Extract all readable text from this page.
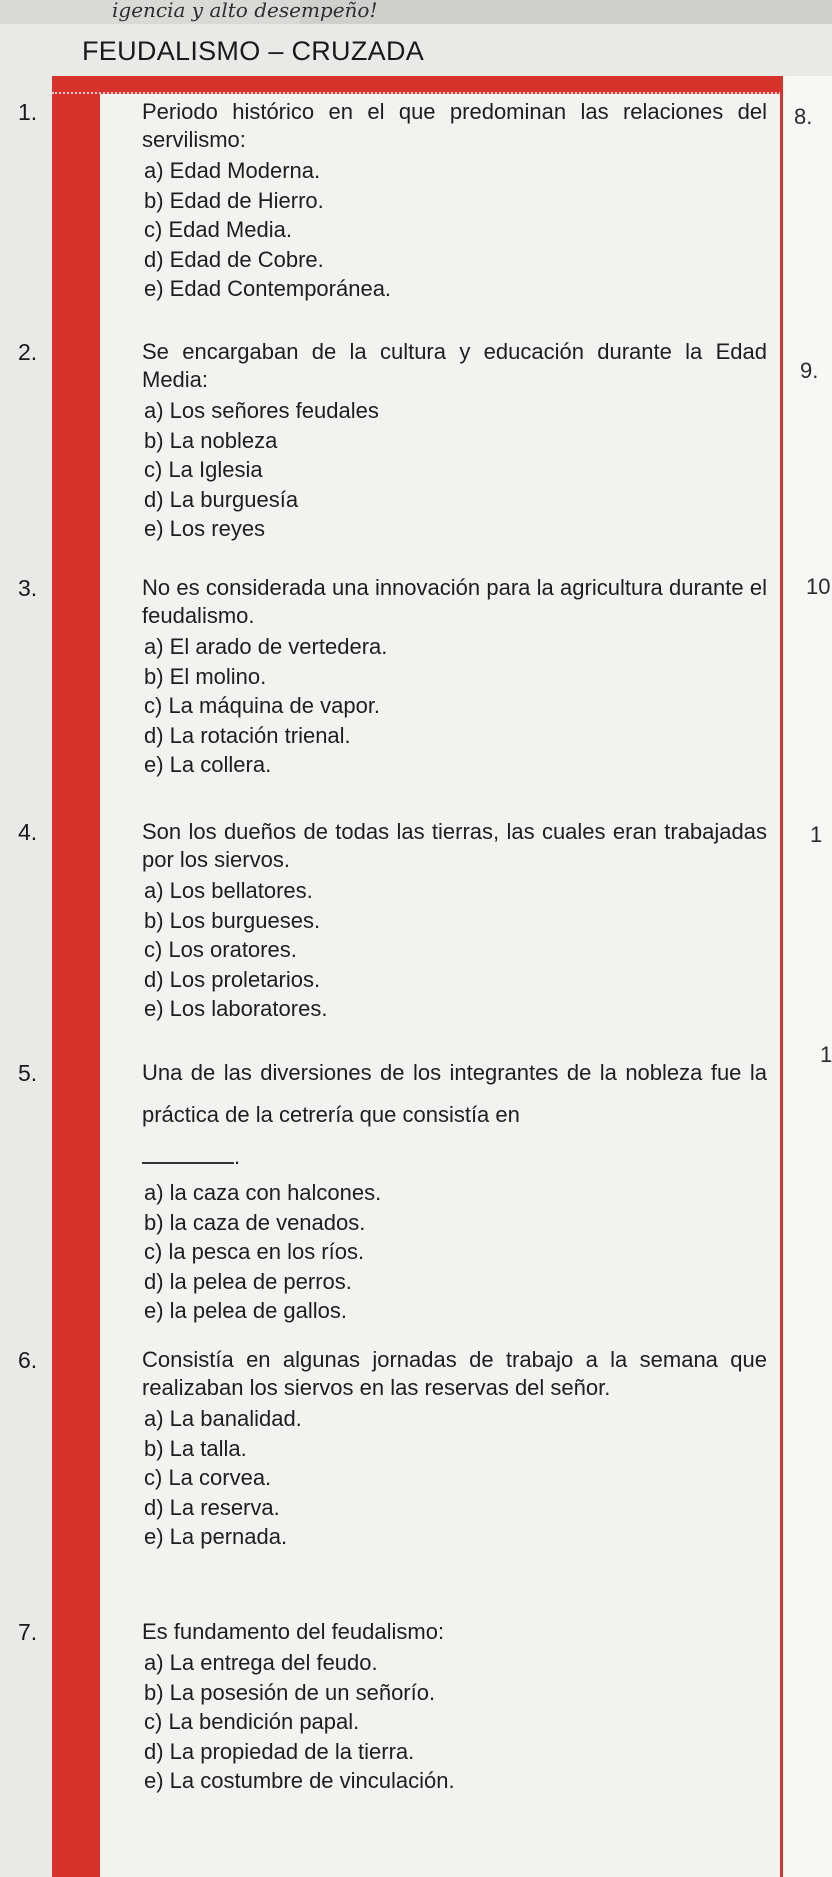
igencia y alto desempeño!
FEUDALISMO – CRUZADA
1.	Periodo histórico en el que predominan las relaciones del servilismo:
a) Edad Moderna.
b) Edad de Hierro.
c) Edad Media.
d) Edad de Cobre.
e) Edad Contemporánea.
8.
2.	Se encargaban de la cultura y educación durante la Edad Media:
a) Los señores feudales
b) La nobleza
c) La Iglesia
d) La burguesía
e) Los reyes
9.
3.	No es considerada una innovación para la agricultura durante el feudalismo.
a) El arado de vertedera.
b) El molino.
c) La máquina de vapor.
d) La rotación trienal.
e) La collera.
10
4.	Son los dueños de todas las tierras, las cuales eran trabajadas por los siervos.
a) Los bellatores.
b) Los burgueses.
c) Los oratores.
d) Los proletarios.
e) Los laboratores.
1
5.	Una de las diversiones de los integrantes de la nobleza fue la práctica de la cetrería que consistía en
.
a) la caza con halcones.
b) la caza de venados.
c) la pesca en los ríos.
d) la pelea de perros.
e) la pelea de gallos.
1
6.	Consistía en algunas jornadas de trabajo a la semana que realizaban los siervos en las reservas del señor.
a) La banalidad.
b) La talla.
c) La corvea.
d) La reserva.
e) La pernada.
7.	Es fundamento del feudalismo:
a) La entrega del feudo.
b) La posesión de un señorío.
c) La bendición papal.
d) La propiedad de la tierra.
e) La costumbre de vinculación.
